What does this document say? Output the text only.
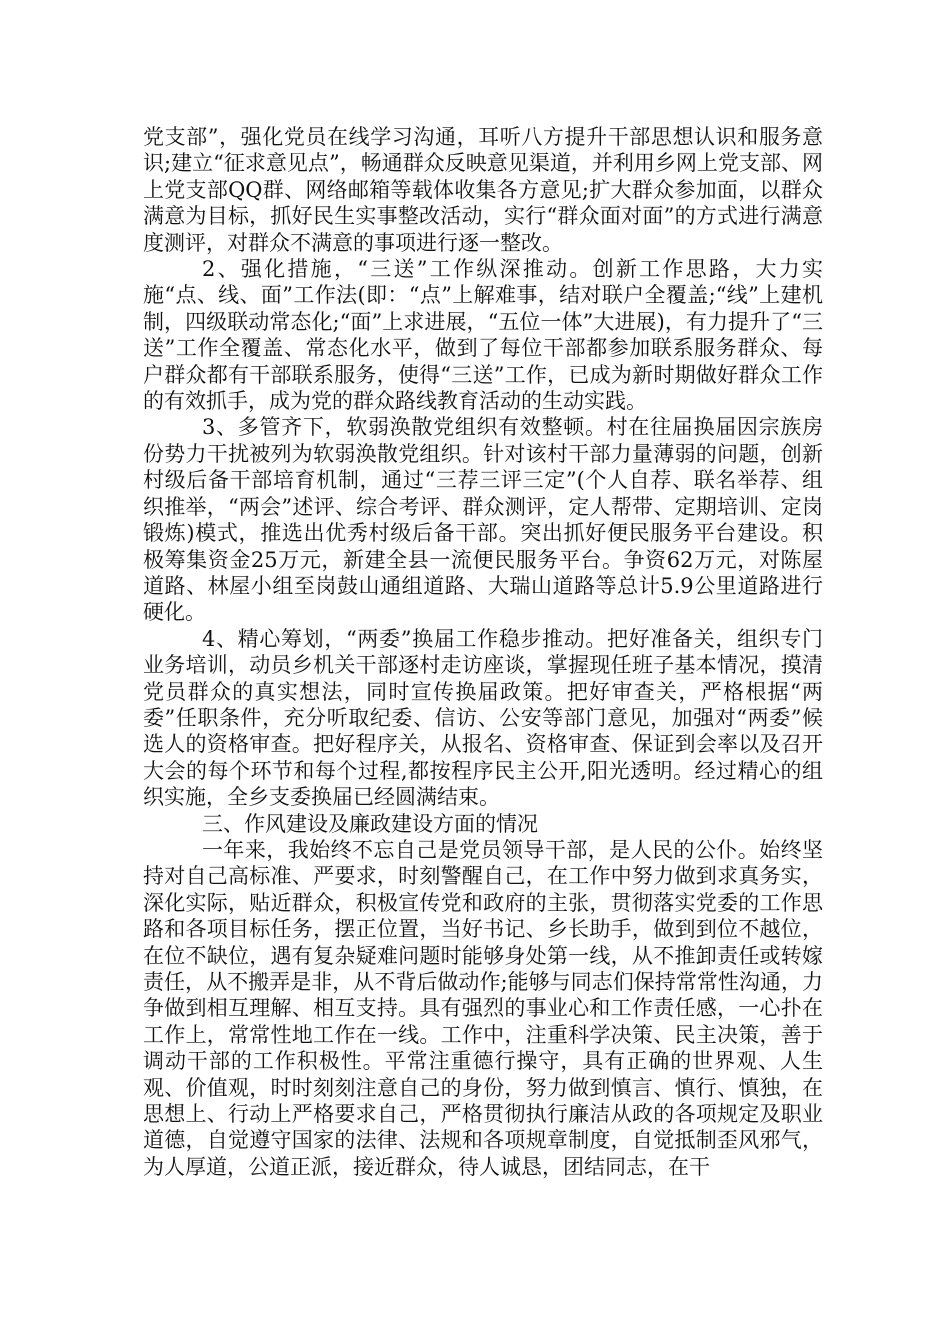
党支部”，强化党员在线学习沟通，耳听八方提升干部思想认识和服务意识;建立“征求意见点”，畅通群众反映意见渠道，并利用乡网上党支部、网上党支部QQ群、网络邮箱等载体收集各方意见;扩大群众参加面，以群众满意为目标，抓好民生实事整改活动，实行“群众面对面”的方式进行满意度测评，对群众不满意的事项进行逐一整改。

2、强化措施，“三送”工作纵深推动。创新工作思路，大力实施“点、线、面”工作法(即：“点”上解难事，结对联户全覆盖;“线”上建机制，四级联动常态化;“面”上求进展，“五位一体”大进展)，有力提升了“三送”工作全覆盖、常态化水平，做到了每位干部都参加联系服务群众、每户群众都有干部联系服务，使得“三送”工作，已成为新时期做好群众工作的有效抓手，成为党的群众路线教育活动的生动实践。

3、多管齐下，软弱涣散党组织有效整顿。村在往届换届因宗族房份势力干扰被列为软弱涣散党组织。针对该村干部力量薄弱的问题，创新村级后备干部培育机制，通过“三荐三评三定”(个人自荐、联名举荐、组织推举，“两会”述评、综合考评、群众测评，定人帮带、定期培训、定岗锻炼)模式，推选出优秀村级后备干部。突出抓好便民服务平台建设。积极筹集资金25万元，新建全县一流便民服务平台。争资62万元，对陈屋道路、林屋小组至岗鼓山通组道路、大瑞山道路等总计5.9公里道路进行硬化。

4、精心筹划，“两委”换届工作稳步推动。把好准备关，组织专门业务培训，动员乡机关干部逐村走访座谈，掌握现任班子基本情况，摸清党员群众的真实想法，同时宣传换届政策。把好审查关，严格根据“两委”任职条件，充分听取纪委、信访、公安等部门意见，加强对“两委”候选人的资格审查。把好程序关，从报名、资格审查、保证到会率以及召开大会的每个环节和每个过程,都按程序民主公开,阳光透明。经过精心的组织实施，全乡支委换届已经圆满结束。

三、作风建设及廉政建设方面的情况

一年来，我始终不忘自己是党员领导干部，是人民的公仆。始终坚持对自己高标准、严要求，时刻警醒自己，在工作中努力做到求真务实，深化实际，贴近群众，积极宣传党和政府的主张，贯彻落实党委的工作思路和各项目标任务，摆正位置，当好书记、乡长助手，做到到位不越位，在位不缺位，遇有复杂疑难问题时能够身处第一线，从不推卸责任或转嫁责任，从不搬弄是非，从不背后做动作;能够与同志们保持常常性沟通，力争做到相互理解、相互支持。具有强烈的事业心和工作责任感，一心扑在工作上，常常性地工作在一线。工作中，注重科学决策、民主决策，善于调动干部的工作积极性。平常注重德行操守，具有正确的世界观、人生观、价值观，时时刻刻注意自己的身份，努力做到慎言、慎行、慎独，在思想上、行动上严格要求自己，严格贯彻执行廉洁从政的各项规定及职业道德，自觉遵守国家的法律、法规和各项规章制度，自觉抵制歪风邪气，为人厚道，公道正派，接近群众，待人诚恳，团结同志，在干
